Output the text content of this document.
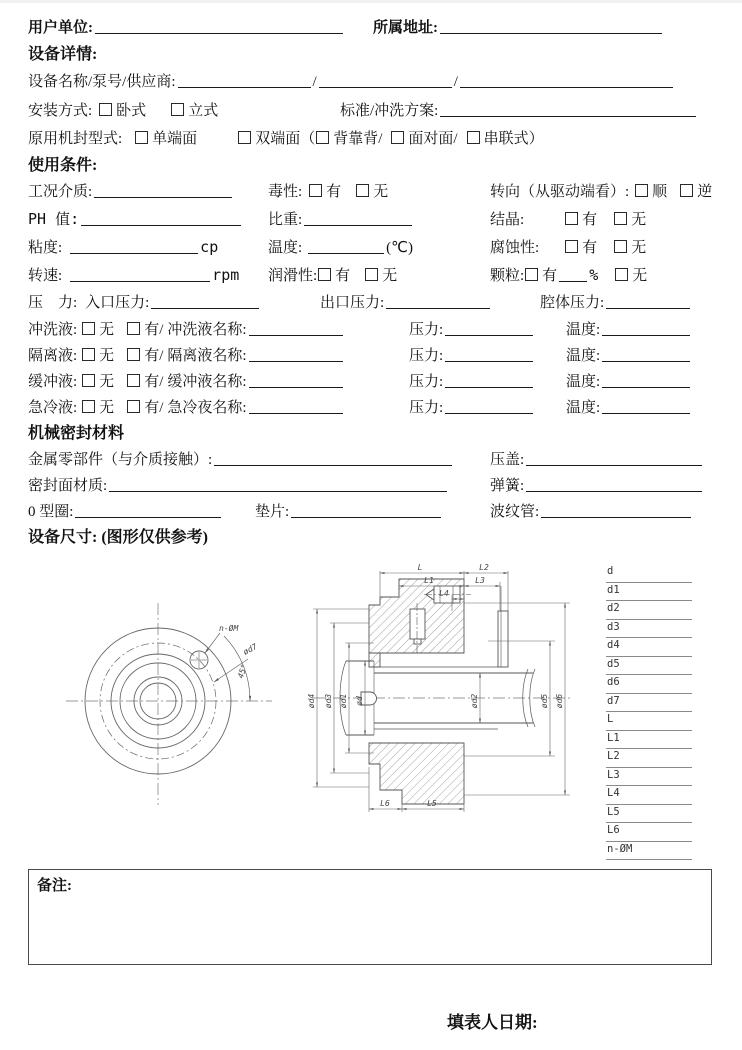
用户单位:	所属地址:
设备详情:
设备名称/泵号/供应商:	/	/
安装方式: 卧式	立式	标准/冲洗方案:
原用机封型式: 单端面	双端面（ 背靠背/ 面对面/ 串联式）
使用条件:
工况介质:	毒性: 有 无	转向（从驱动端看）: 顺 逆
PH 值:	比重:	结晶:	有 无
粘度:	cp	温度:	(℃)	腐蚀性:	有 无
转速:	rpm 润滑性: 有 无	颗粒: 有 % 无
压　力: 入口压力:	出口压力:	腔体压力:
冲洗液: 无 有/ 冲洗液名称:	压力:	温度:
隔离液: 无 有/ 隔离液名称:	压力:	温度:
缓冲液: 无 有/ 缓冲液名称:	压力:	温度:
急冷液: 无 有/ 急冷夜名称:	压力:	温度:
机械密封材料
金属零部件（与介质接触）:	压盖:
密封面材质:	弹簧:
0 型圈:	垫片:	波纹管:
设备尺寸: (图形仅供参考)
n-ØM
ød7
45°
L	L2
L1	L3
L4
L6	L5
ød4 ød3 ød1 ød	ød2	ød5 ød6
d
d1
d2
d3
d4
d5
d6
d7
L
L1
L2
L3
L4
L5
L6
n-ØM
备注:
填表人日期:
